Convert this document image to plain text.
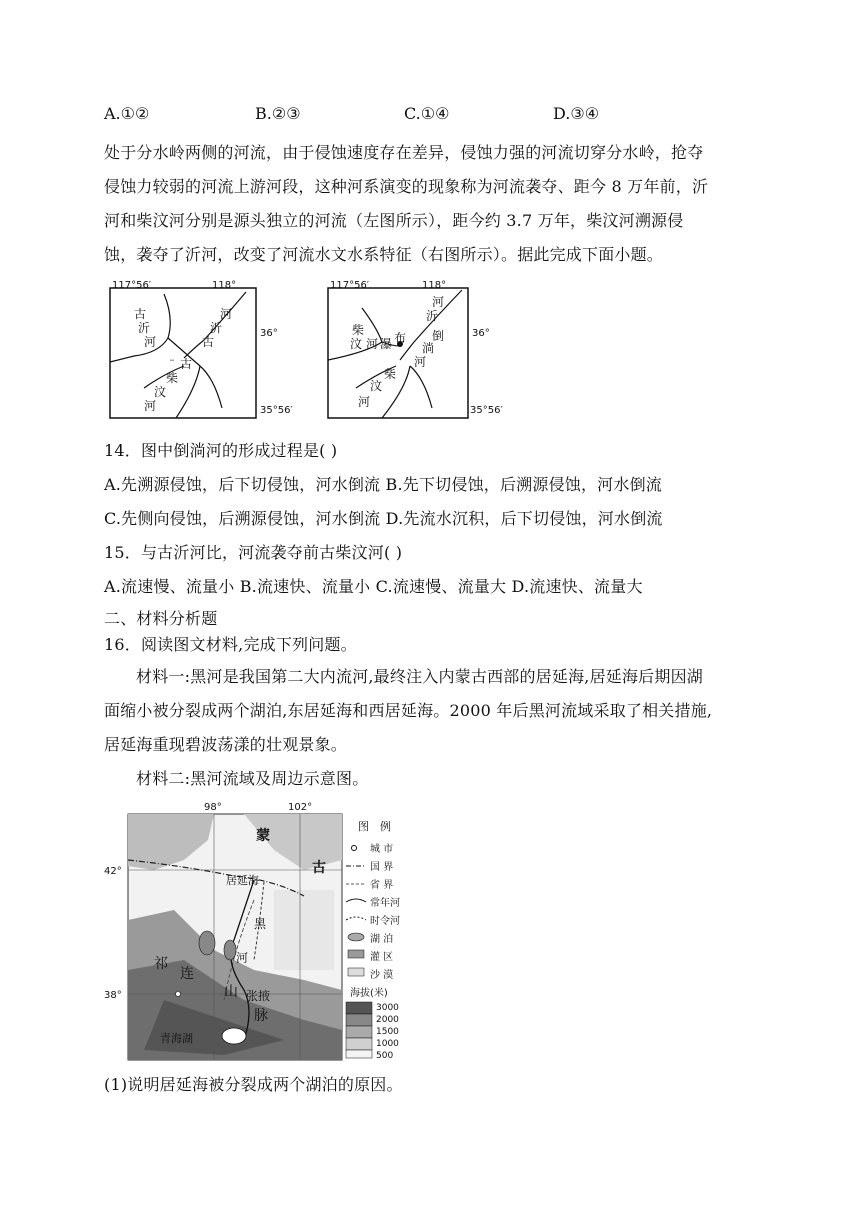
A.①②	B.②③	C.①④	D.③④
处于分水岭两侧的河流，由于侵蚀速度存在差异，侵蚀力强的河流切穿分水岭，抢夺
侵蚀力较弱的河流上游河段，这种河系演变的现象称为河流袭夺、距今 8 万年前，沂
河和柴汶河分别是源头独立的河流（左图所示），距今约 3.7 万年，柴汶河溯源侵
蚀，袭夺了沂河，改变了河流水文水系特征（右图所示）。据此完成下面小题。
117°56′	118°
36°
35°56′
ꟷ
古
沂
河
河
沂
古
古
柴
汶
河
117°56′	118°
36°
35°56′
柴
汶 河 瀑 布
河
沂
倒
淌
河
汶
柴
河
14．图中倒淌河的形成过程是( )
A.先溯源侵蚀，后下切侵蚀，河水倒流 B.先下切侵蚀，后溯源侵蚀，河水倒流
C.先侧向侵蚀，后溯源侵蚀，河水倒流 D.先流水沉积，后下切侵蚀，河水倒流
15．与古沂河比，河流袭夺前古柴汶河( )
A.流速慢、流量小 B.流速快、流量小 C.流速慢、流量大 D.流速快、流量大
二、材料分析题
16．阅读图文材料,完成下列问题。
材料一:黑河是我国第二大内流河,最终注入内蒙古西部的居延海,居延海后期因湖
面缩小被分裂成两个湖泊,东居延海和西居延海。2000 年后黑河流域采取了相关措施,
居延海重现碧波荡漾的壮观景象。
材料二:黑河流域及周边示意图。
98°	102°
42°
38°
蒙
古
居延海
黑
河
祁
连
山 张掖
脉
青海湖
图　例
城 市
国 界
省 界
常年河
时令河
湖 泊
灌 区
沙 漠
海拔(米)
3000
2000
1500
1000
500
(1)说明居延海被分裂成两个湖泊的原因。
